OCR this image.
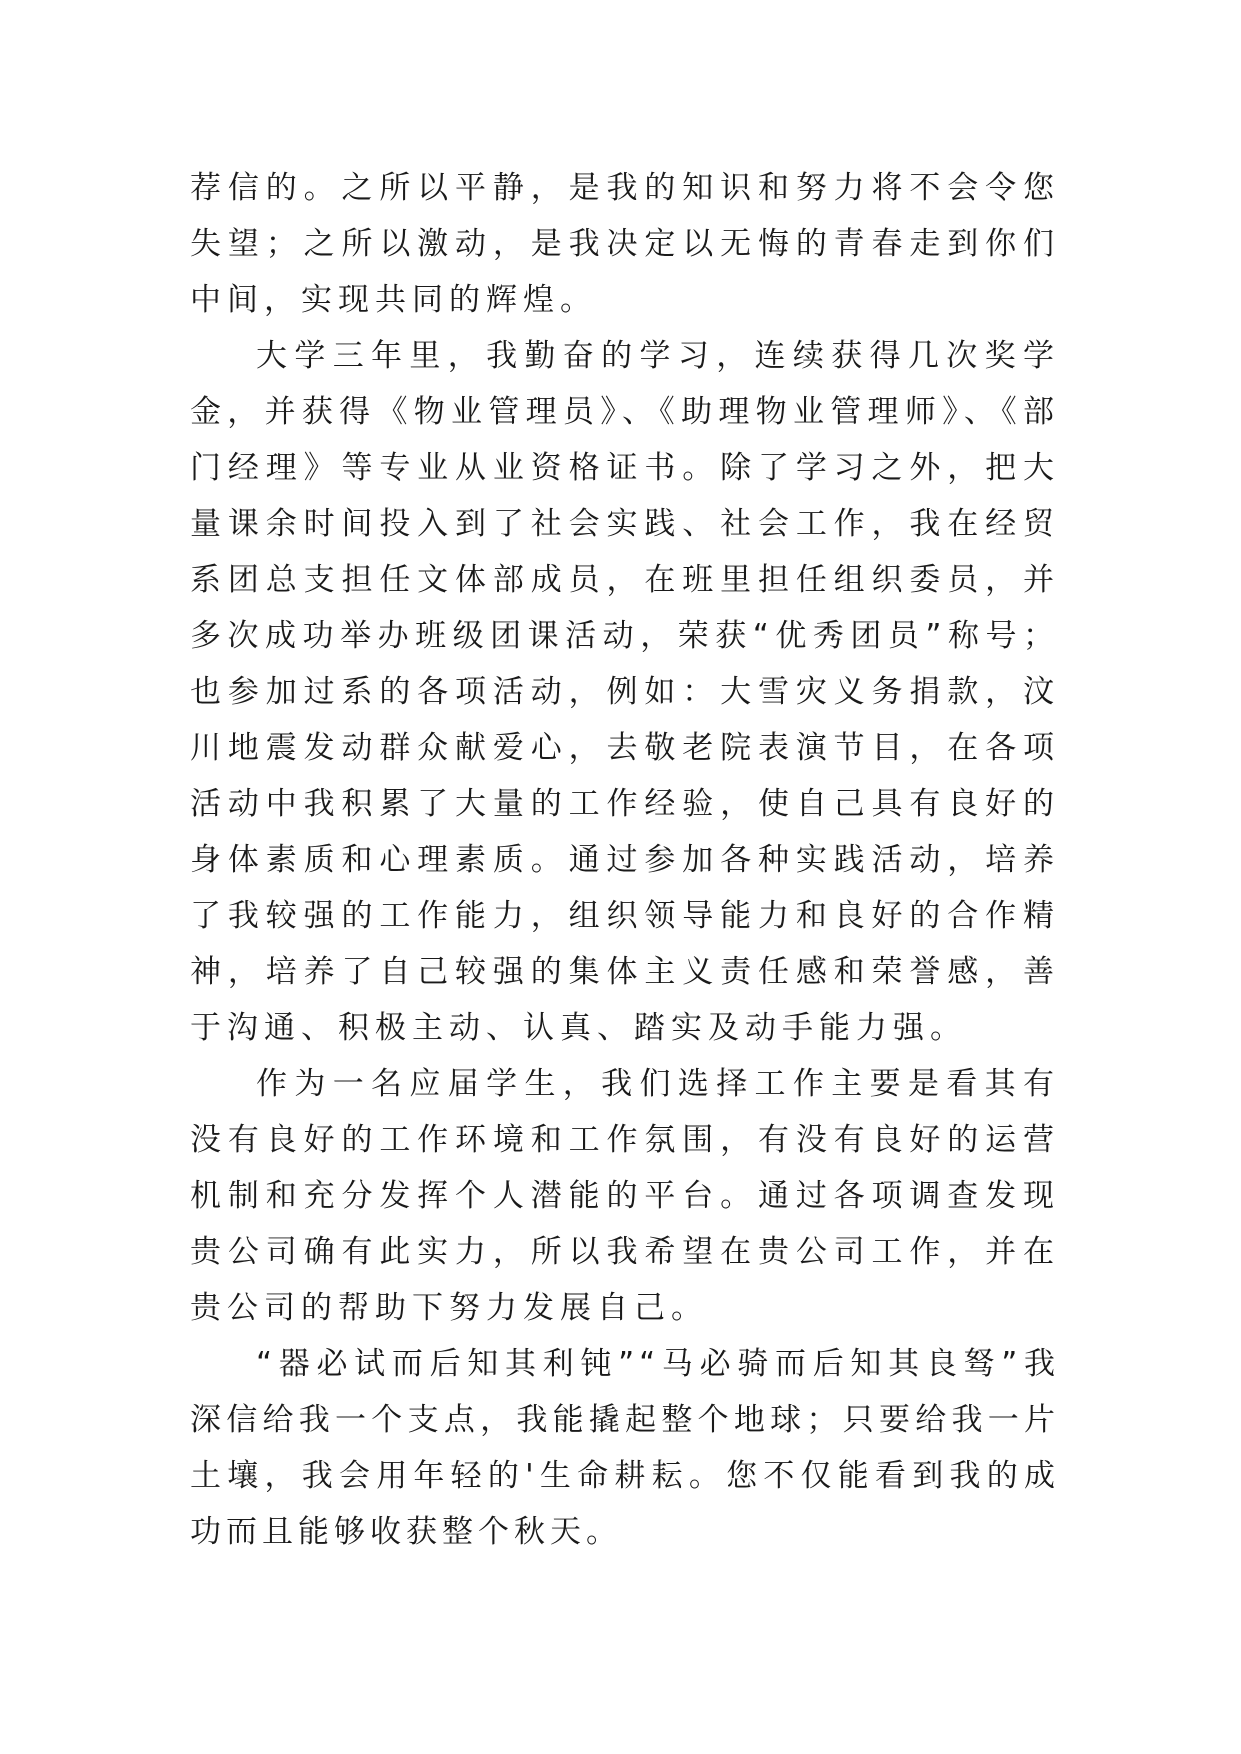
荐信的。之所以平静，是我的知识和努力将不会令您失望；之所以激动，是我决定以无悔的青春走到你们中间，实现共同的辉煌。

大学三年里，我勤奋的学习，连续获得几次奖学金，并获得《物业管理员》、《助理物业管理师》、《部门经理》等专业从业资格证书。除了学习之外，把大量课余时间投入到了社会实践、社会工作，我在经贸系团总支担任文体部成员，在班里担任组织委员，并多次成功举办班级团课活动，荣获“优秀团员”称号；也参加过系的各项活动，例如：大雪灾义务捐款，汶川地震发动群众献爱心，去敬老院表演节目，在各项活动中我积累了大量的工作经验，使自己具有良好的身体素质和心理素质。通过参加各种实践活动，培养了我较强的工作能力，组织领导能力和良好的合作精神，培养了自己较强的集体主义责任感和荣誉感，善于沟通、积极主动、认真、踏实及动手能力强。

作为一名应届学生，我们选择工作主要是看其有没有良好的工作环境和工作氛围，有没有良好的运营机制和充分发挥个人潜能的平台。通过各项调查发现贵公司确有此实力，所以我希望在贵公司工作，并在贵公司的帮助下努力发展自己。

“器必试而后知其利钝”“马必骑而后知其良驽”我深信给我一个支点，我能撬起整个地球；只要给我一片土壤，我会用年轻的'生命耕耘。您不仅能看到我的成功而且能够收获整个秋天。
